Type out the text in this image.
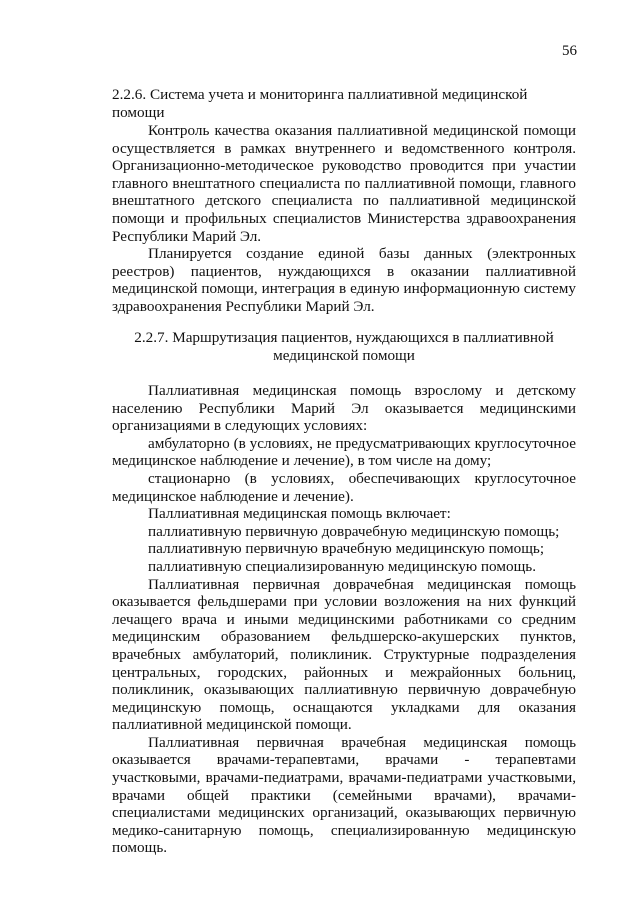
56

2.2.6. Система учета и мониторинга паллиативной медицинской помощи

Контроль качества оказания паллиативной медицинской помощи осуществляется в рамках внутреннего и ведомственного контроля. Организационно-методическое руководство проводится при участии главного внештатного специалиста по паллиативной помощи, главного внештатного детского специалиста по паллиативной медицинской помощи и профильных специалистов Министерства здравоохранения Республики Марий Эл.

Планируется создание единой базы данных (электронных реестров) пациентов, нуждающихся в оказании паллиативной медицинской помощи, интеграция в единую информационную систему здравоохранения Республики Марий Эл.

2.2.7. Маршрутизация пациентов, нуждающихся в паллиативной

медицинской помощи

Паллиативная медицинская помощь взрослому и детскому населению Республики Марий Эл оказывается медицинскими организациями в следующих условиях:

амбулаторно (в условиях, не предусматривающих круглосуточное медицинское наблюдение и лечение), в том числе на дому;

стационарно (в условиях, обеспечивающих круглосуточное медицинское наблюдение и лечение).

Паллиативная медицинская помощь включает:

паллиативную первичную доврачебную медицинскую помощь;

паллиативную первичную врачебную медицинскую помощь;

паллиативную специализированную медицинскую помощь.

Паллиативная первичная доврачебная медицинская помощь оказывается фельдшерами при условии возложения на них функций лечащего врача и иными медицинскими работниками со средним медицинским образованием фельдшерско-акушерских пунктов, врачебных амбулаторий, поликлиник. Структурные подразделения центральных, городских, районных и межрайонных больниц, поликлиник, оказывающих паллиативную первичную доврачебную медицинскую помощь, оснащаются укладками для оказания паллиативной медицинской помощи.

Паллиативная первичная врачебная медицинская помощь оказывается врачами-терапевтами, врачами - терапевтами участковыми, врачами-педиатрами, врачами-педиатрами участковыми, врачами общей практики (семейными врачами), врачами-специалистами медицинских организаций, оказывающих первичную медико-санитарную помощь, специализированную медицинскую помощь.
